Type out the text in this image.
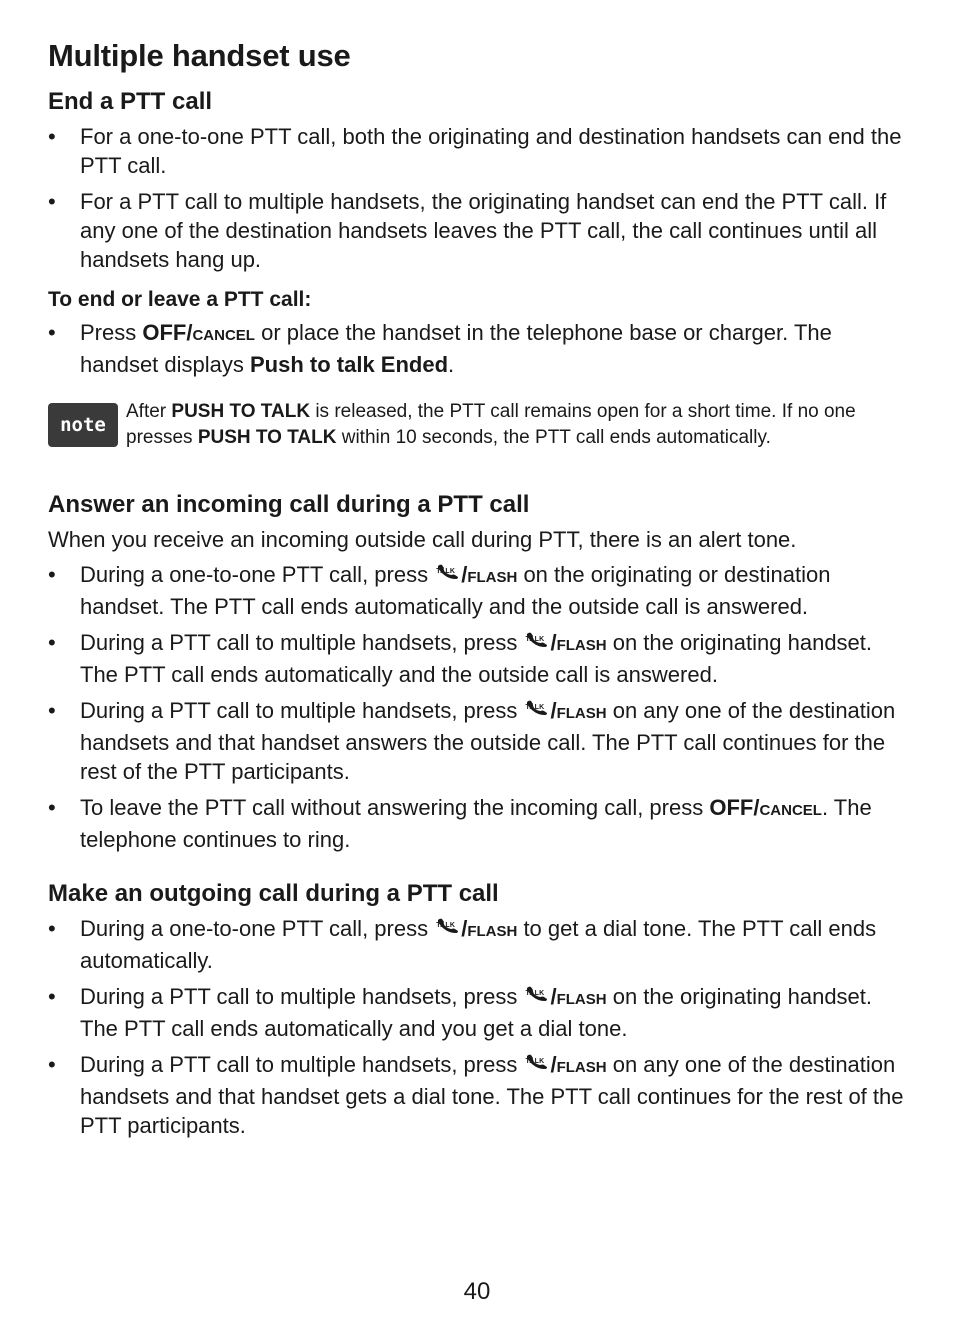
Multiple handset use
End a PTT call
• For a one-to-one PTT call, both the originating and destination handsets can end the PTT call.
• For a PTT call to multiple handsets, the originating handset can end the PTT call. If any one of the destination handsets leaves the PTT call, the call continues until all handsets hang up.
To end or leave a PTT call:
• Press OFF/CANCEL or place the handset in the telephone base or charger. The handset displays Push to talk Ended.
note
After PUSH TO TALK is released, the PTT call remains open for a short time. If no one presses PUSH TO TALK within 10 seconds, the PTT call ends automatically.
Answer an incoming call during a PTT call

When you receive an incoming outside call during PTT, there is an alert tone.

• During a one-to-one PTT call, press TALK /FLASH on the originating or destination handset. The PTT call ends automatically and the outside call is answered.
• During a PTT call to multiple handsets, press TALK /FLASH on the originating handset. The PTT call ends automatically and the outside call is answered.
• During a PTT call to multiple handsets, press TALK /FLASH on any one of the destination handsets and that handset answers the outside call. The PTT call continues for the rest of the PTT participants.
• To leave the PTT call without answering the incoming call, press OFF/CANCEL. The telephone continues to ring.
Make an outgoing call during a PTT call
• During a one-to-one PTT call, press TALK /FLASH to get a dial tone. The PTT call ends automatically.
• During a PTT call to multiple handsets, press TALK /FLASH on the originating handset. The PTT call ends automatically and you get a dial tone.
• During a PTT call to multiple handsets, press TALK /FLASH on any one of the destination handsets and that handset gets a dial tone. The PTT call continues for the rest of the PTT participants.
40
